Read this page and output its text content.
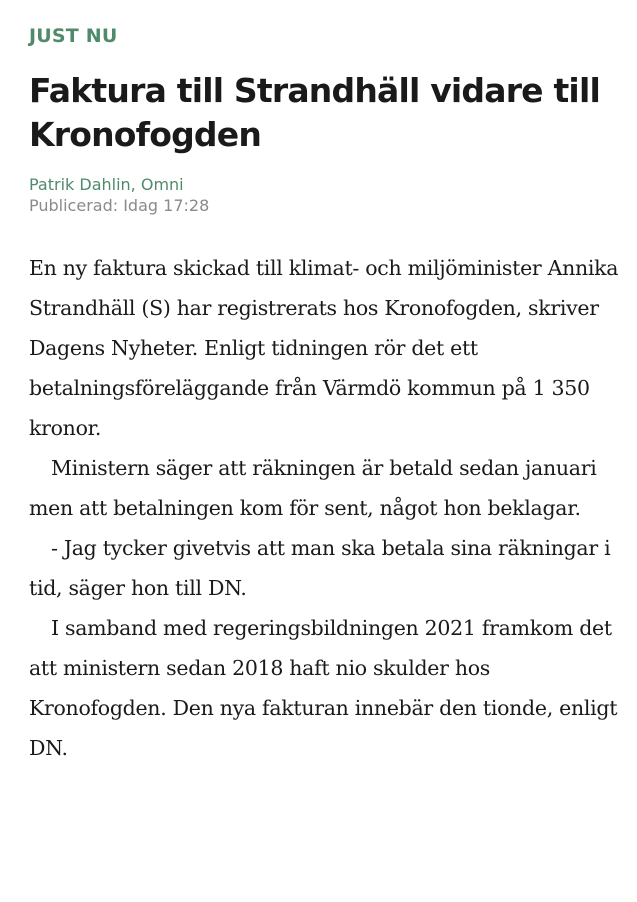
JUST NU
Faktura till Strandhäll vidare till Kronofogden
Patrik Dahlin, Omni
Publicerad: Idag 17:28

En ny faktura skickad till klimat- och miljöminister Annika Strandhäll (S) har registrerats hos Kronofogden, skriver Dagens Nyheter. Enligt tidningen rör det ett betalningsföreläggande från Värmdö kommun på 1 350 kronor.

Ministern säger att räkningen är betald sedan januari men att betalningen kom för sent, något hon beklagar.

- Jag tycker givetvis att man ska betala sina räkningar i tid, säger hon till DN.

I samband med regeringsbildningen 2021 framkom det att ministern sedan 2018 haft nio skulder hos Kronofogden. Den nya fakturan innebär den tionde, enligt DN.
